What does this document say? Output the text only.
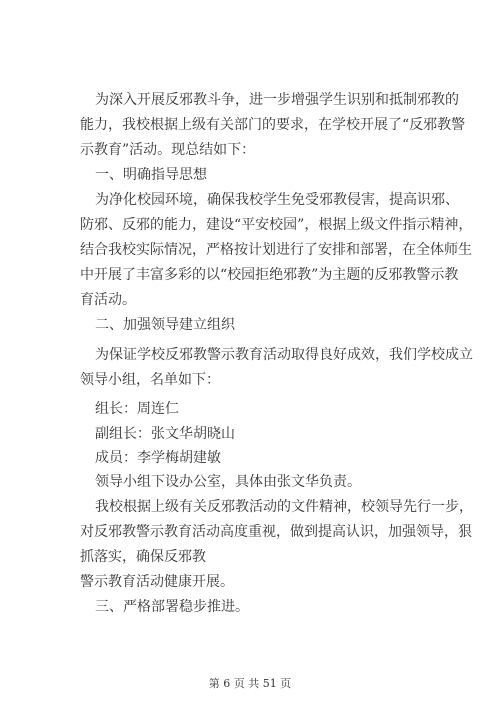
为深入开展反邪教斗争，进一步增强学生识别和抵制邪教的
能力，我校根据上级有关部门的要求，在学校开展了“反邪教警
示教育”活动。现总结如下：
一、明确指导思想
为净化校园环境，确保我校学生免受邪教侵害，提高识邪、
防邪、反邪的能力，建设“平安校园”，根据上级文件指示精神，
结合我校实际情况，严格按计划进行了安排和部署，在全体师生
中开展了丰富多彩的以“校园拒绝邪教”为主题的反邪教警示教
育活动。
二、加强领导建立组织
为保证学校反邪教警示教育活动取得良好成效，我们学校成立
领导小组，名单如下：
组长：周连仁
副组长：张文华胡晓山
成员：李学梅胡建敏
领导小组下设办公室，具体由张文华负责。
我校根据上级有关反邪教活动的文件精神，校领导先行一步，
对反邪教警示教育活动高度重视，做到提高认识，加强领导，狠
抓落实，确保反邪教
警示教育活动健康开展。
三、严格部署稳步推进。
第 6 页 共 51 页
